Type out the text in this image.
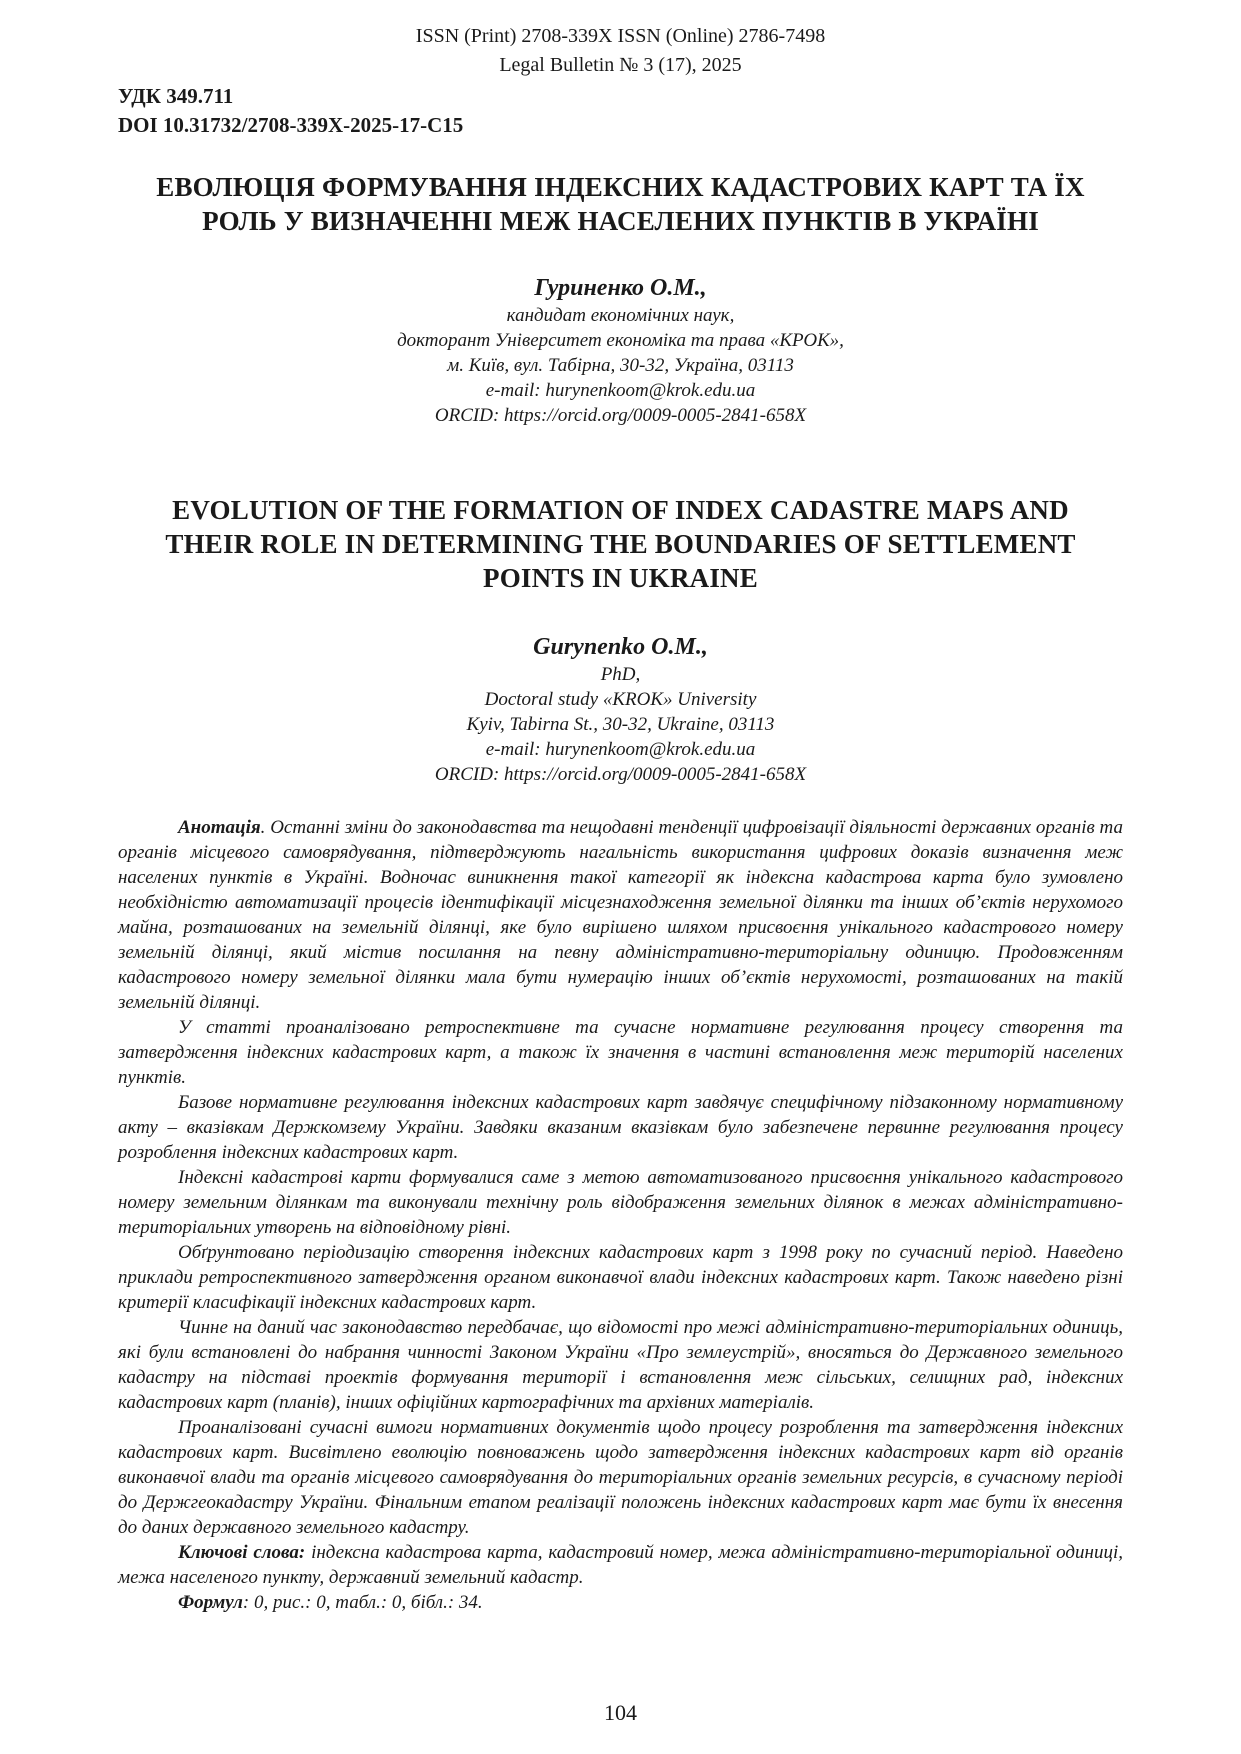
ISSN (Print) 2708-339X ISSN (Online) 2786-7498
Legal Bulletin № 3 (17), 2025
УДК 349.711
DOI 10.31732/2708-339X-2025-17-C15
ЕВОЛЮЦІЯ ФОРМУВАННЯ ІНДЕКСНИХ КАДАСТРОВИХ КАРТ ТА ЇХ
РОЛЬ У ВИЗНАЧЕННІ МЕЖ НАСЕЛЕНИХ ПУНКТІВ В УКРАЇНІ
Гуриненко О.М.,
кандидат економічних наук,
докторант Університет економіка та права «КРОК»,
м. Київ, вул. Табірна, 30-32, Україна, 03113
e-mail: hurynenkoom@krok.edu.ua
ORCID: https://orcid.org/0009-0005-2841-658X
EVOLUTION OF THE FORMATION OF INDEX CADASTRE MAPS AND
THEIR ROLE IN DETERMINING THE BOUNDARIES OF SETTLEMENT
POINTS IN UKRAINE
Gurynenko O.M.,
PhD,
Doctoral study «KROK» University
Kyiv, Tabirna St., 30-32, Ukraine, 03113
e-mail: hurynenkoom@krok.edu.ua
ORCID: https://orcid.org/0009-0005-2841-658X

Анотація. Останні зміни до законодавства та нещодавні тенденції цифровізації діяльності державних органів та органів місцевого самоврядування, підтверджують нагальність використання цифрових доказів визначення меж населених пунктів в Україні. Водночас виникнення такої категорії як індексна кадастрова карта було зумовлено необхідністю автоматизації процесів ідентифікації місцезнаходження земельної ділянки та інших об’єктів нерухомого майна, розташованих на земельній ділянці, яке було вирішено шляхом присвоєння унікального кадастрового номеру земельній ділянці, який містив посилання на певну адміністративно-територіальну одиницю. Продовженням кадастрового номеру земельної ділянки мала бути нумерацію інших об’єктів нерухомості, розташованих на такій земельній ділянці.

У статті проаналізовано ретроспективне та сучасне нормативне регулювання процесу створення та затвердження індексних кадастрових карт, а також їх значення в частині встановлення меж територій населених пунктів.

Базове нормативне регулювання індексних кадастрових карт завдячує специфічному підзаконному нормативному акту – вказівкам Держкомзему України. Завдяки вказаним вказівкам було забезпечене первинне регулювання процесу розроблення індексних кадастрових карт.

Індексні кадастрові карти формувалися саме з метою автоматизованого присвоєння унікального кадастрового номеру земельним ділянкам та виконували технічну роль відображення земельних ділянок в межах адміністративно-територіальних утворень на відповідному рівні.

Обґрунтовано періодизацію створення індексних кадастрових карт з 1998 року по сучасний період. Наведено приклади ретроспективного затвердження органом виконавчої влади індексних кадастрових карт. Також наведено різні критерії класифікації індексних кадастрових карт.

Чинне на даний час законодавство передбачає, що відомості про межі адміністративно-територіальних одиниць, які були встановлені до набрання чинності Законом України «Про землеустрій», вносяться до Державного земельного кадастру на підставі проектів формування території і встановлення меж сільських, селищних рад, індексних кадастрових карт (планів), інших офіційних картографічних та архівних матеріалів.

Проаналізовані сучасні вимоги нормативних документів щодо процесу розроблення та затвердження індексних кадастрових карт. Висвітлено еволюцію повноважень щодо затвердження індексних кадастрових карт від органів виконавчої влади та органів місцевого самоврядування до територіальних органів земельних ресурсів, в сучасному періоді до Держгеокадастру України. Фінальним етапом реалізації положень індексних кадастрових карт має бути їх внесення до даних державного земельного кадастру.

Ключові слова: індексна кадастрова карта, кадастровий номер, межа адміністративно-територіальної одиниці, межа населеного пункту, державний земельний кадастр.

Формул: 0, рис.: 0, табл.: 0, бібл.: 34.

104
